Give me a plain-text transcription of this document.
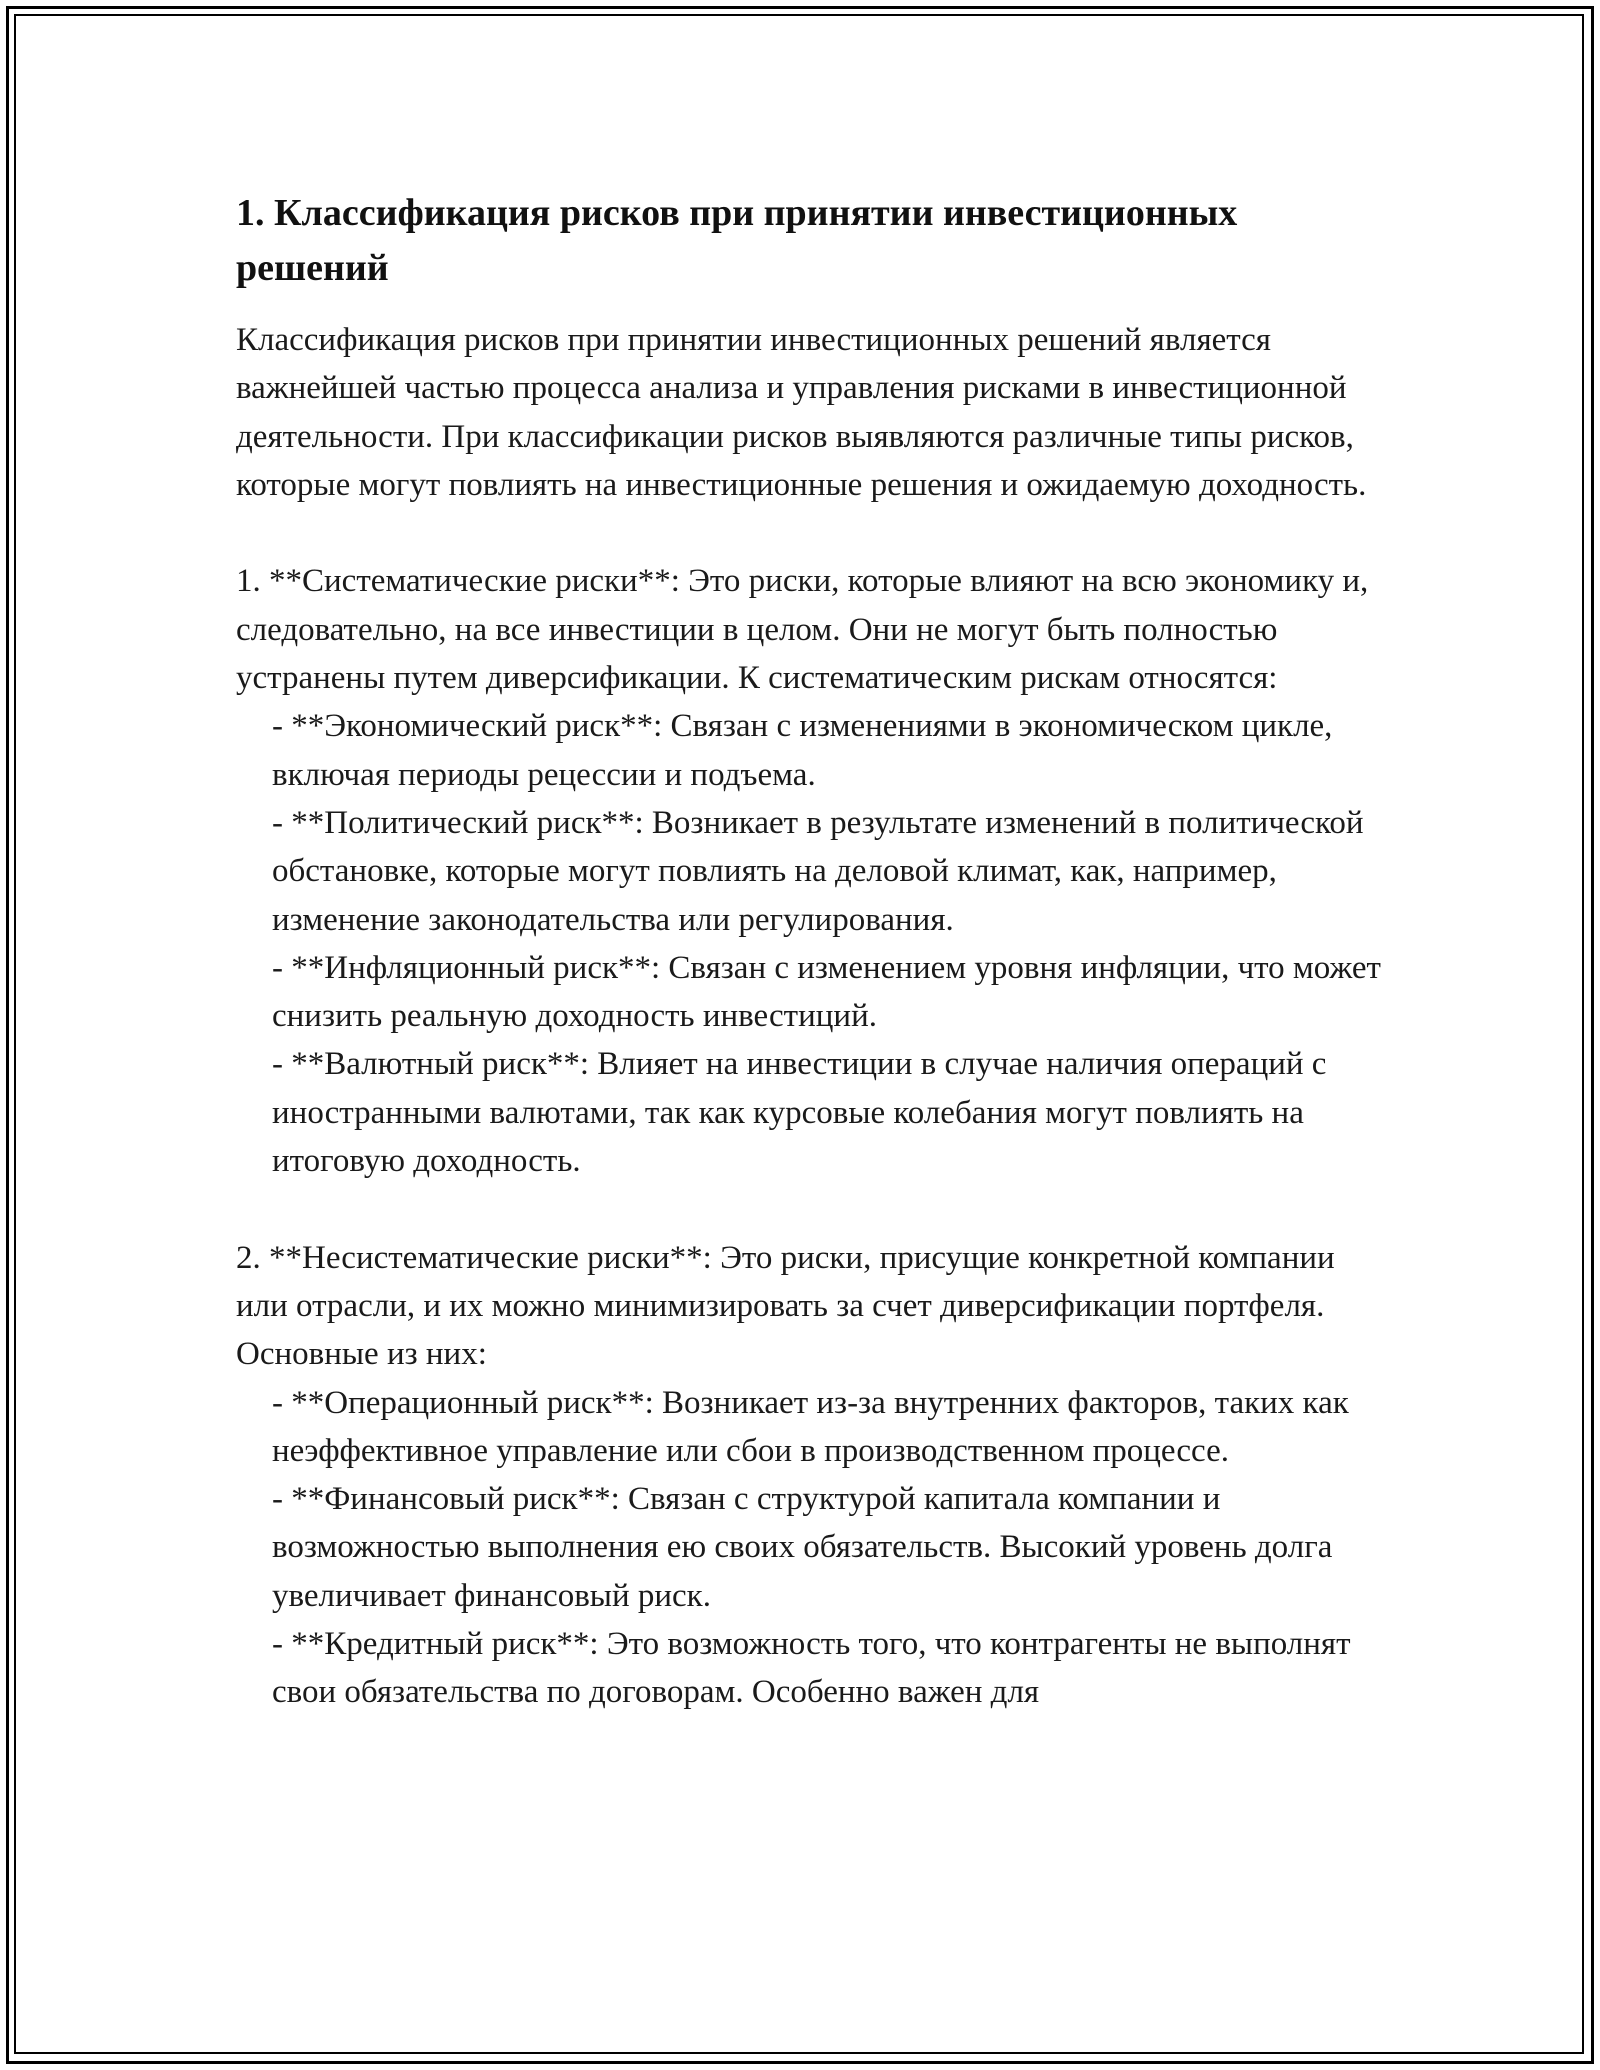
1. Классификация рисков при принятии инвестиционных решений

Классификация рисков при принятии инвестиционных решений является важнейшей частью процесса анализа и управления рисками в инвестиционной деятельности. При классификации рисков выявляются различные типы рисков, которые могут повлиять на инвестиционные решения и ожидаемую доходность.

1. **Систематические риски**: Это риски, которые влияют на всю экономику и, следовательно, на все инвестиции в целом. Они не могут быть полностью устранены путем диверсификации. К систематическим рискам относятся:

- **Экономический риск**: Связан с изменениями в экономическом цикле, включая периоды рецессии и подъема.

- **Политический риск**: Возникает в результате изменений в политической обстановке, которые могут повлиять на деловой климат, как, например, изменение законодательства или регулирования.

- **Инфляционный риск**: Связан с изменением уровня инфляции, что может снизить реальную доходность инвестиций.

- **Валютный риск**: Влияет на инвестиции в случае наличия операций с иностранными валютами, так как курсовые колебания могут повлиять на итоговую доходность.

2. **Несистематические риски**: Это риски, присущие конкретной компании или отрасли, и их можно минимизировать за счет диверсификации портфеля. Основные из них:

- **Операционный риск**: Возникает из-за внутренних факторов, таких как неэффективное управление или сбои в производственном процессе.

- **Финансовый риск**: Связан с структурой капитала компании и возможностью выполнения ею своих обязательств. Высокий уровень долга увеличивает финансовый риск.

- **Кредитный риск**: Это возможность того, что контрагенты не выполнят свои обязательства по договорам. Особенно важен для
